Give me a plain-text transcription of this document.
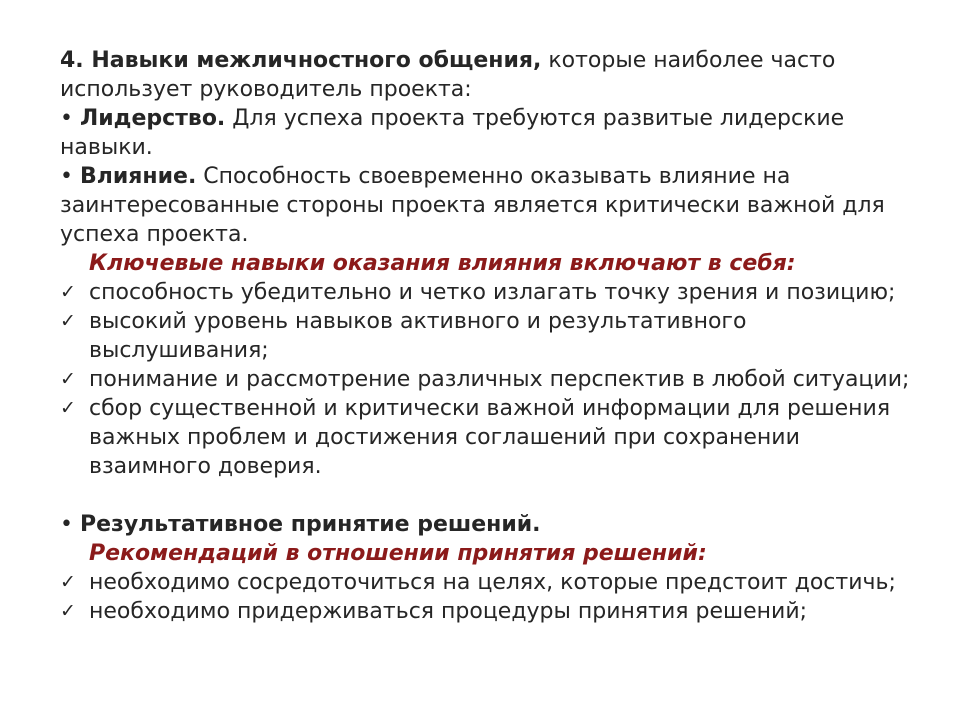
4. Навыки межличностного общения, которые наиболее часто использует руководитель проекта:

• Лидерство. Для успеха проекта требуются развитые лидерские навыки.

• Влияние. Способность своевременно оказывать влияние на заинтересованные стороны проекта является критически важной для успеха проекта.

Ключевые навыки оказания влияния включают в себя:

✓ способность убедительно и четко излагать точку зрения и позицию;
✓ высокий уровень навыков активного и результативного выслушивания;
✓ понимание и рассмотрение различных перспектив в любой ситуации;
✓ сбор существенной и критически важной информации для решения важных проблем и достижения соглашений при сохранении взаимного доверия.

• Результативное принятие решений.

Рекомендаций в отношении принятия решений:

✓ необходимо сосредоточиться на целях, которые предстоит достичь;
✓ необходимо придерживаться процедуры принятия решений;
